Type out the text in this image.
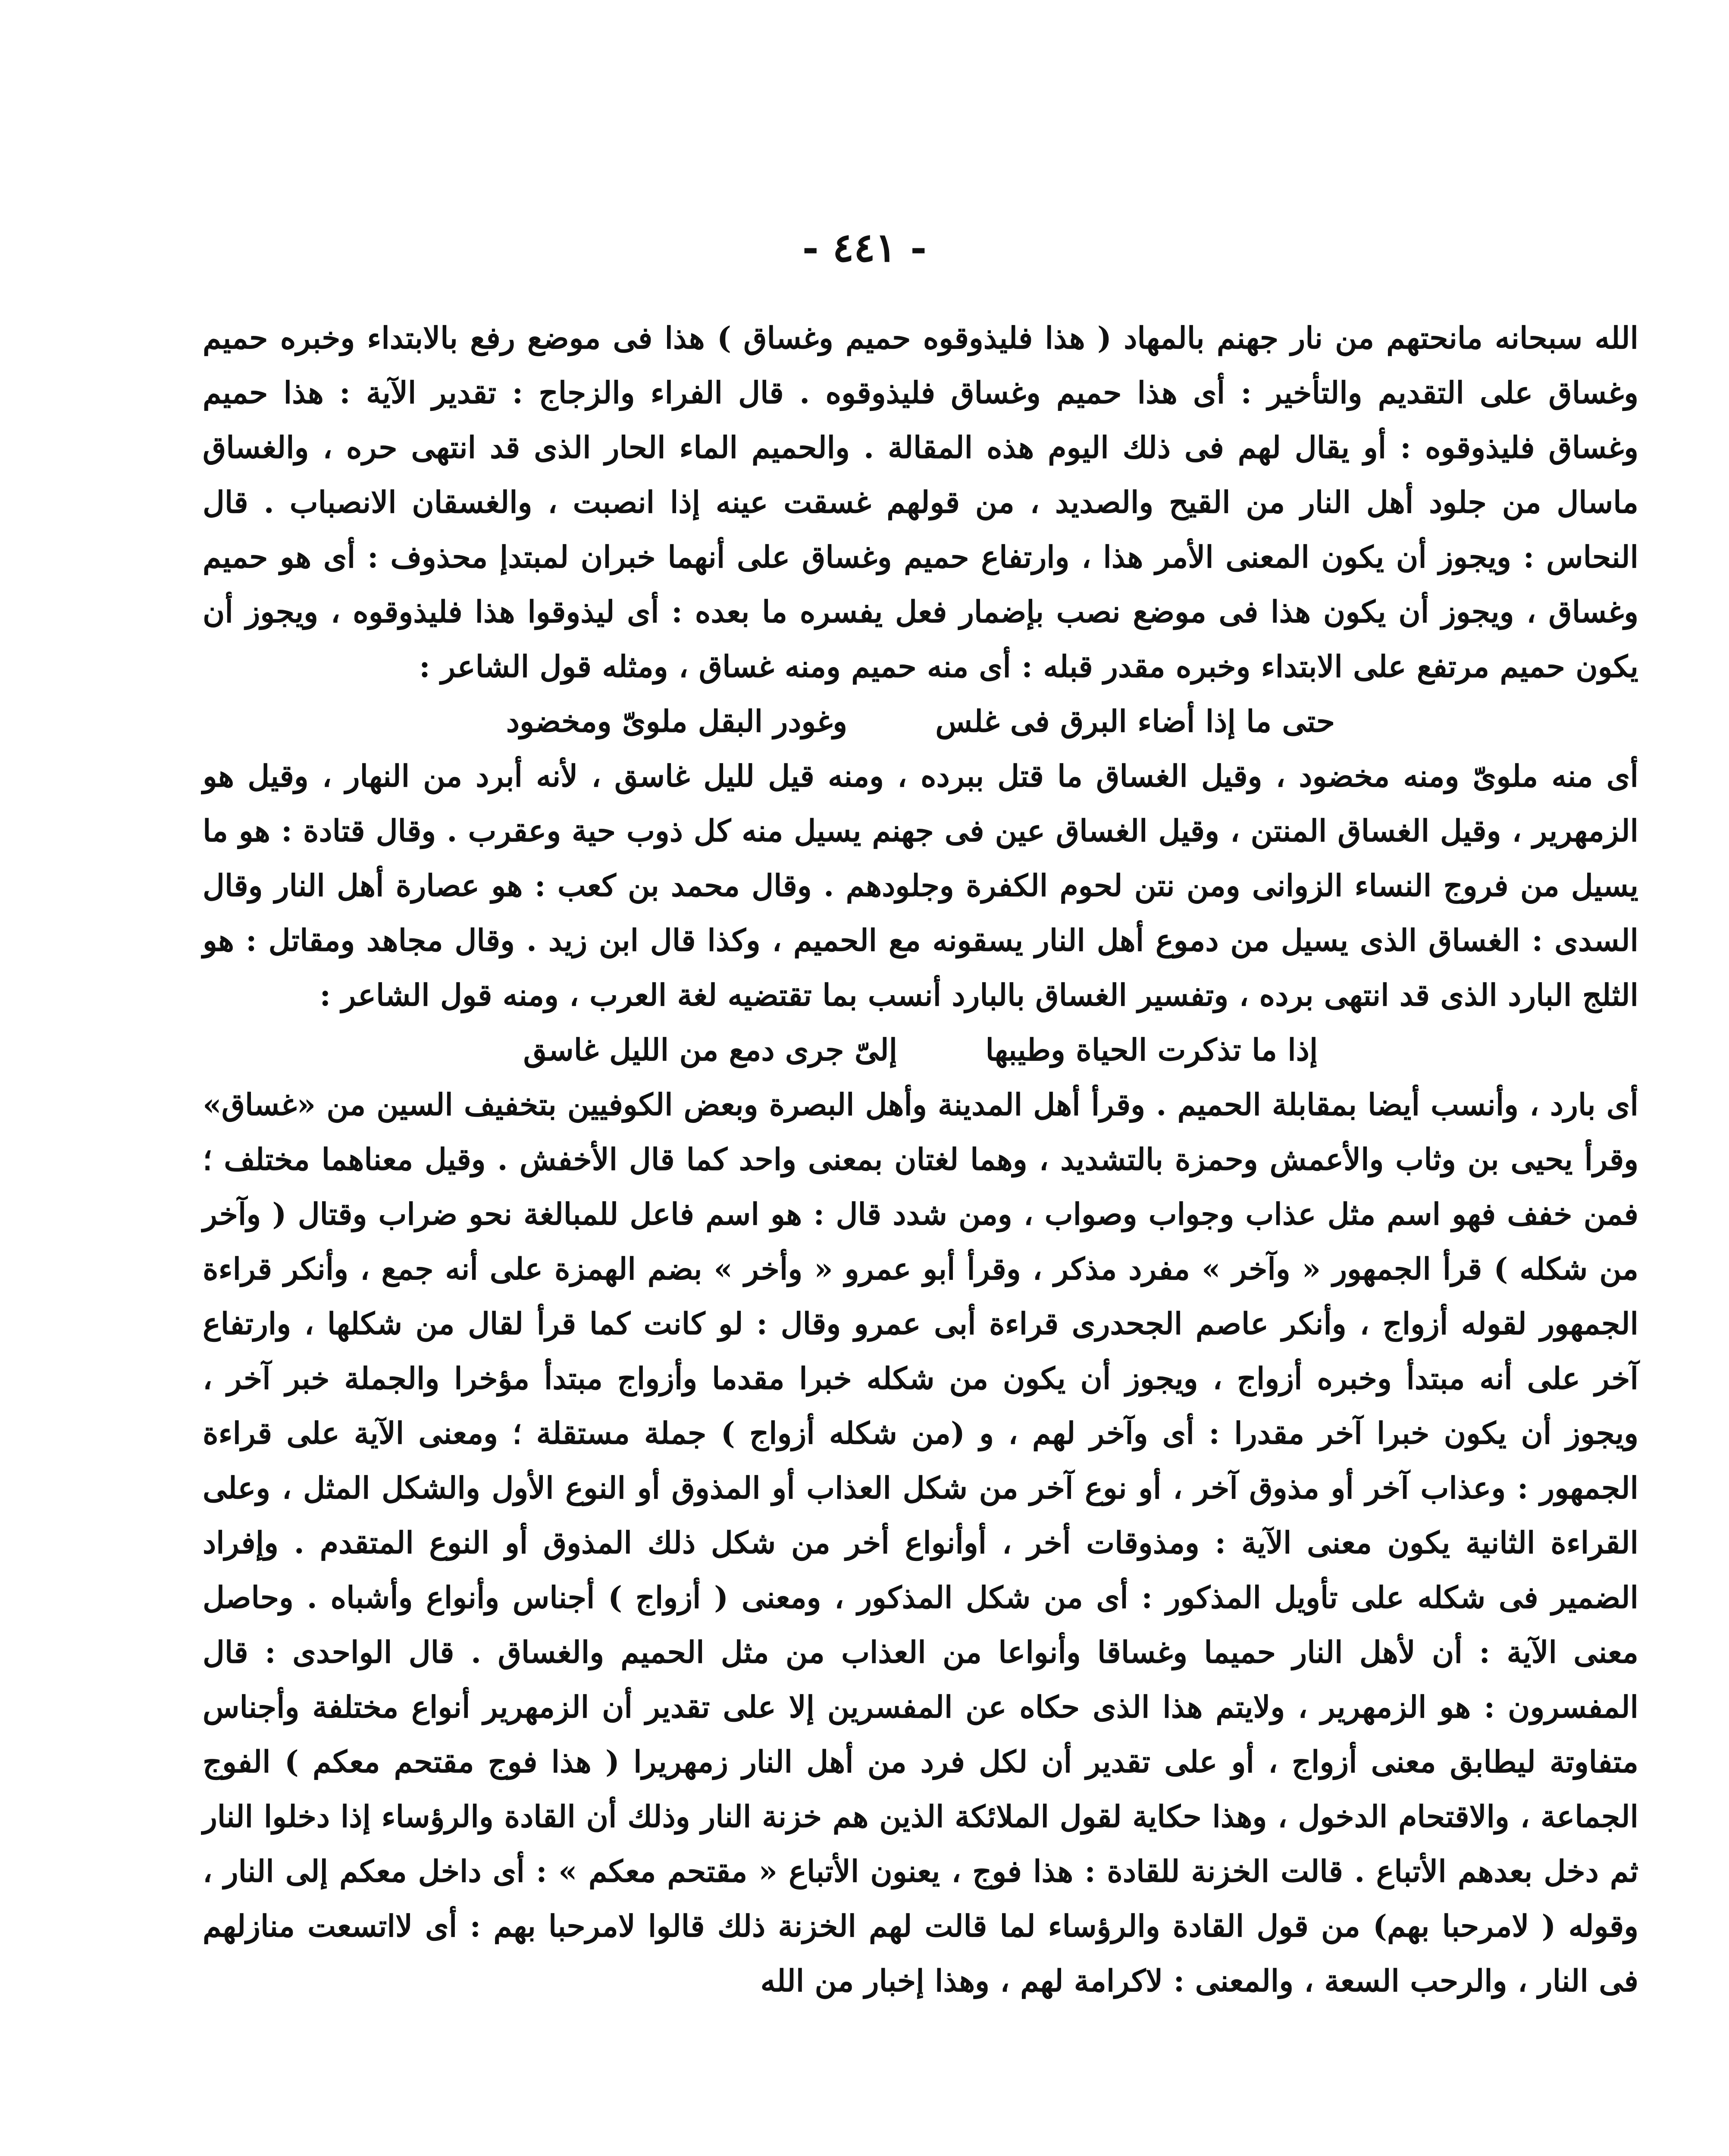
- ٤٤١ -

الله سبحانه مانحتهم من نار جهنم بالمهاد ( هذا فليذوقوه حميم وغساق ) هذا فى موضع رفع بالابتداء وخبره حميم وغساق على التقديم والتأخير : أى هذا حميم وغساق فليذوقوه . قال الفراء والزجاج : تقدير الآية : هذا حميم وغساق فليذوقوه : أو يقال لهم فى ذلك اليوم هذه المقالة . والحميم الماء الحار الذى قد انتهى حره ، والغساق ماسال من جلود أهل النار من القيح والصديد ، من قولهم غسقت عينه إذا انصبت ، والغسقان الانصباب . قال النحاس : ويجوز أن يكون المعنى الأمر هذا ، وارتفاع حميم وغساق على أنهما خبران لمبتدإ محذوف : أى هو حميم وغساق ، ويجوز أن يكون هذا فى موضع نصب بإضمار فعل يفسره ما بعده : أى ليذوقوا هذا فليذوقوه ، ويجوز أن يكون حميم مرتفع على الابتداء وخبره مقدر قبله : أى منه حميم ومنه غساق ، ومثله قول الشاعر :

حتى ما إذا أضاء البرق فى غلس وغودر البقل ملوىّ ومخضود

أى منه ملوىّ ومنه مخضود ، وقيل الغساق ما قتل ببرده ، ومنه قيل لليل غاسق ، لأنه أبرد من النهار ، وقيل هو الزمهرير ، وقيل الغساق المنتن ، وقيل الغساق عين فى جهنم يسيل منه كل ذوب حية وعقرب . وقال قتادة : هو ما يسيل من فروج النساء الزوانى ومن نتن لحوم الكفرة وجلودهم . وقال محمد بن كعب : هو عصارة أهل النار وقال السدى : الغساق الذى يسيل من دموع أهل النار يسقونه مع الحميم ، وكذا قال ابن زيد . وقال مجاهد ومقاتل : هو الثلج البارد الذى قد انتهى برده ، وتفسير الغساق بالبارد أنسب بما تقتضيه لغة العرب ، ومنه قول الشاعر :

إذا ما تذكرت الحياة وطيبها إلىّ جرى دمع من الليل غاسق

أى بارد ، وأنسب أيضا بمقابلة الحميم . وقرأ أهل المدينة وأهل البصرة وبعض الكوفيين بتخفيف السين من «غساق» وقرأ يحيى بن وثاب والأعمش وحمزة بالتشديد ، وهما لغتان بمعنى واحد كما قال الأخفش . وقيل معناهما مختلف ؛ فمن خفف فهو اسم مثل عذاب وجواب وصواب ، ومن شدد قال : هو اسم فاعل للمبالغة نحو ضراب وقتال ( وآخر من شكله ) قرأ الجمهور « وآخر » مفرد مذكر ، وقرأ أبو عمرو « وأخر » بضم الهمزة على أنه جمع ، وأنكر قراءة الجمهور لقوله أزواج ، وأنكر عاصم الجحدرى قراءة أبى عمرو وقال : لو كانت كما قرأ لقال من شكلها ، وارتفاع آخر على أنه مبتدأ وخبره أزواج ، ويجوز أن يكون من شكله خبرا مقدما وأزواج مبتدأ مؤخرا والجملة خبر آخر ، ويجوز أن يكون خبرا آخر مقدرا : أى وآخر لهم ، و (من شكله أزواج ) جملة مستقلة ؛ ومعنى الآية على قراءة الجمهور : وعذاب آخر أو مذوق آخر ، أو نوع آخر من شكل العذاب أو المذوق أو النوع الأول والشكل المثل ، وعلى القراءة الثانية يكون معنى الآية : ومذوقات أخر ، أوأنواع أخر من شكل ذلك المذوق أو النوع المتقدم . وإفراد الضمير فى شكله على تأويل المذكور : أى من شكل المذكور ، ومعنى ( أزواج ) أجناس وأنواع وأشباه . وحاصل معنى الآية : أن لأهل النار حميما وغساقا وأنواعا من العذاب من مثل الحميم والغساق . قال الواحدى : قال المفسرون : هو الزمهرير ، ولايتم هذا الذى حكاه عن المفسرين إلا على تقدير أن الزمهرير أنواع مختلفة وأجناس متفاوتة ليطابق معنى أزواج ، أو على تقدير أن لكل فرد من أهل النار زمهريرا ( هذا فوج مقتحم معكم ) الفوج الجماعة ، والاقتحام الدخول ، وهذا حكاية لقول الملائكة الذين هم خزنة النار وذلك أن القادة والرؤساء إذا دخلوا النار ثم دخل بعدهم الأتباع . قالت الخزنة للقادة : هذا فوج ، يعنون الأتباع « مقتحم معكم » : أى داخل معكم إلى النار ، وقوله ( لامرحبا بهم) من قول القادة والرؤساء لما قالت لهم الخزنة ذلك قالوا لامرحبا بهم : أى لااتسعت منازلهم فى النار ، والرحب السعة ، والمعنى : لاكرامة لهم ، وهذا إخبار من الله
